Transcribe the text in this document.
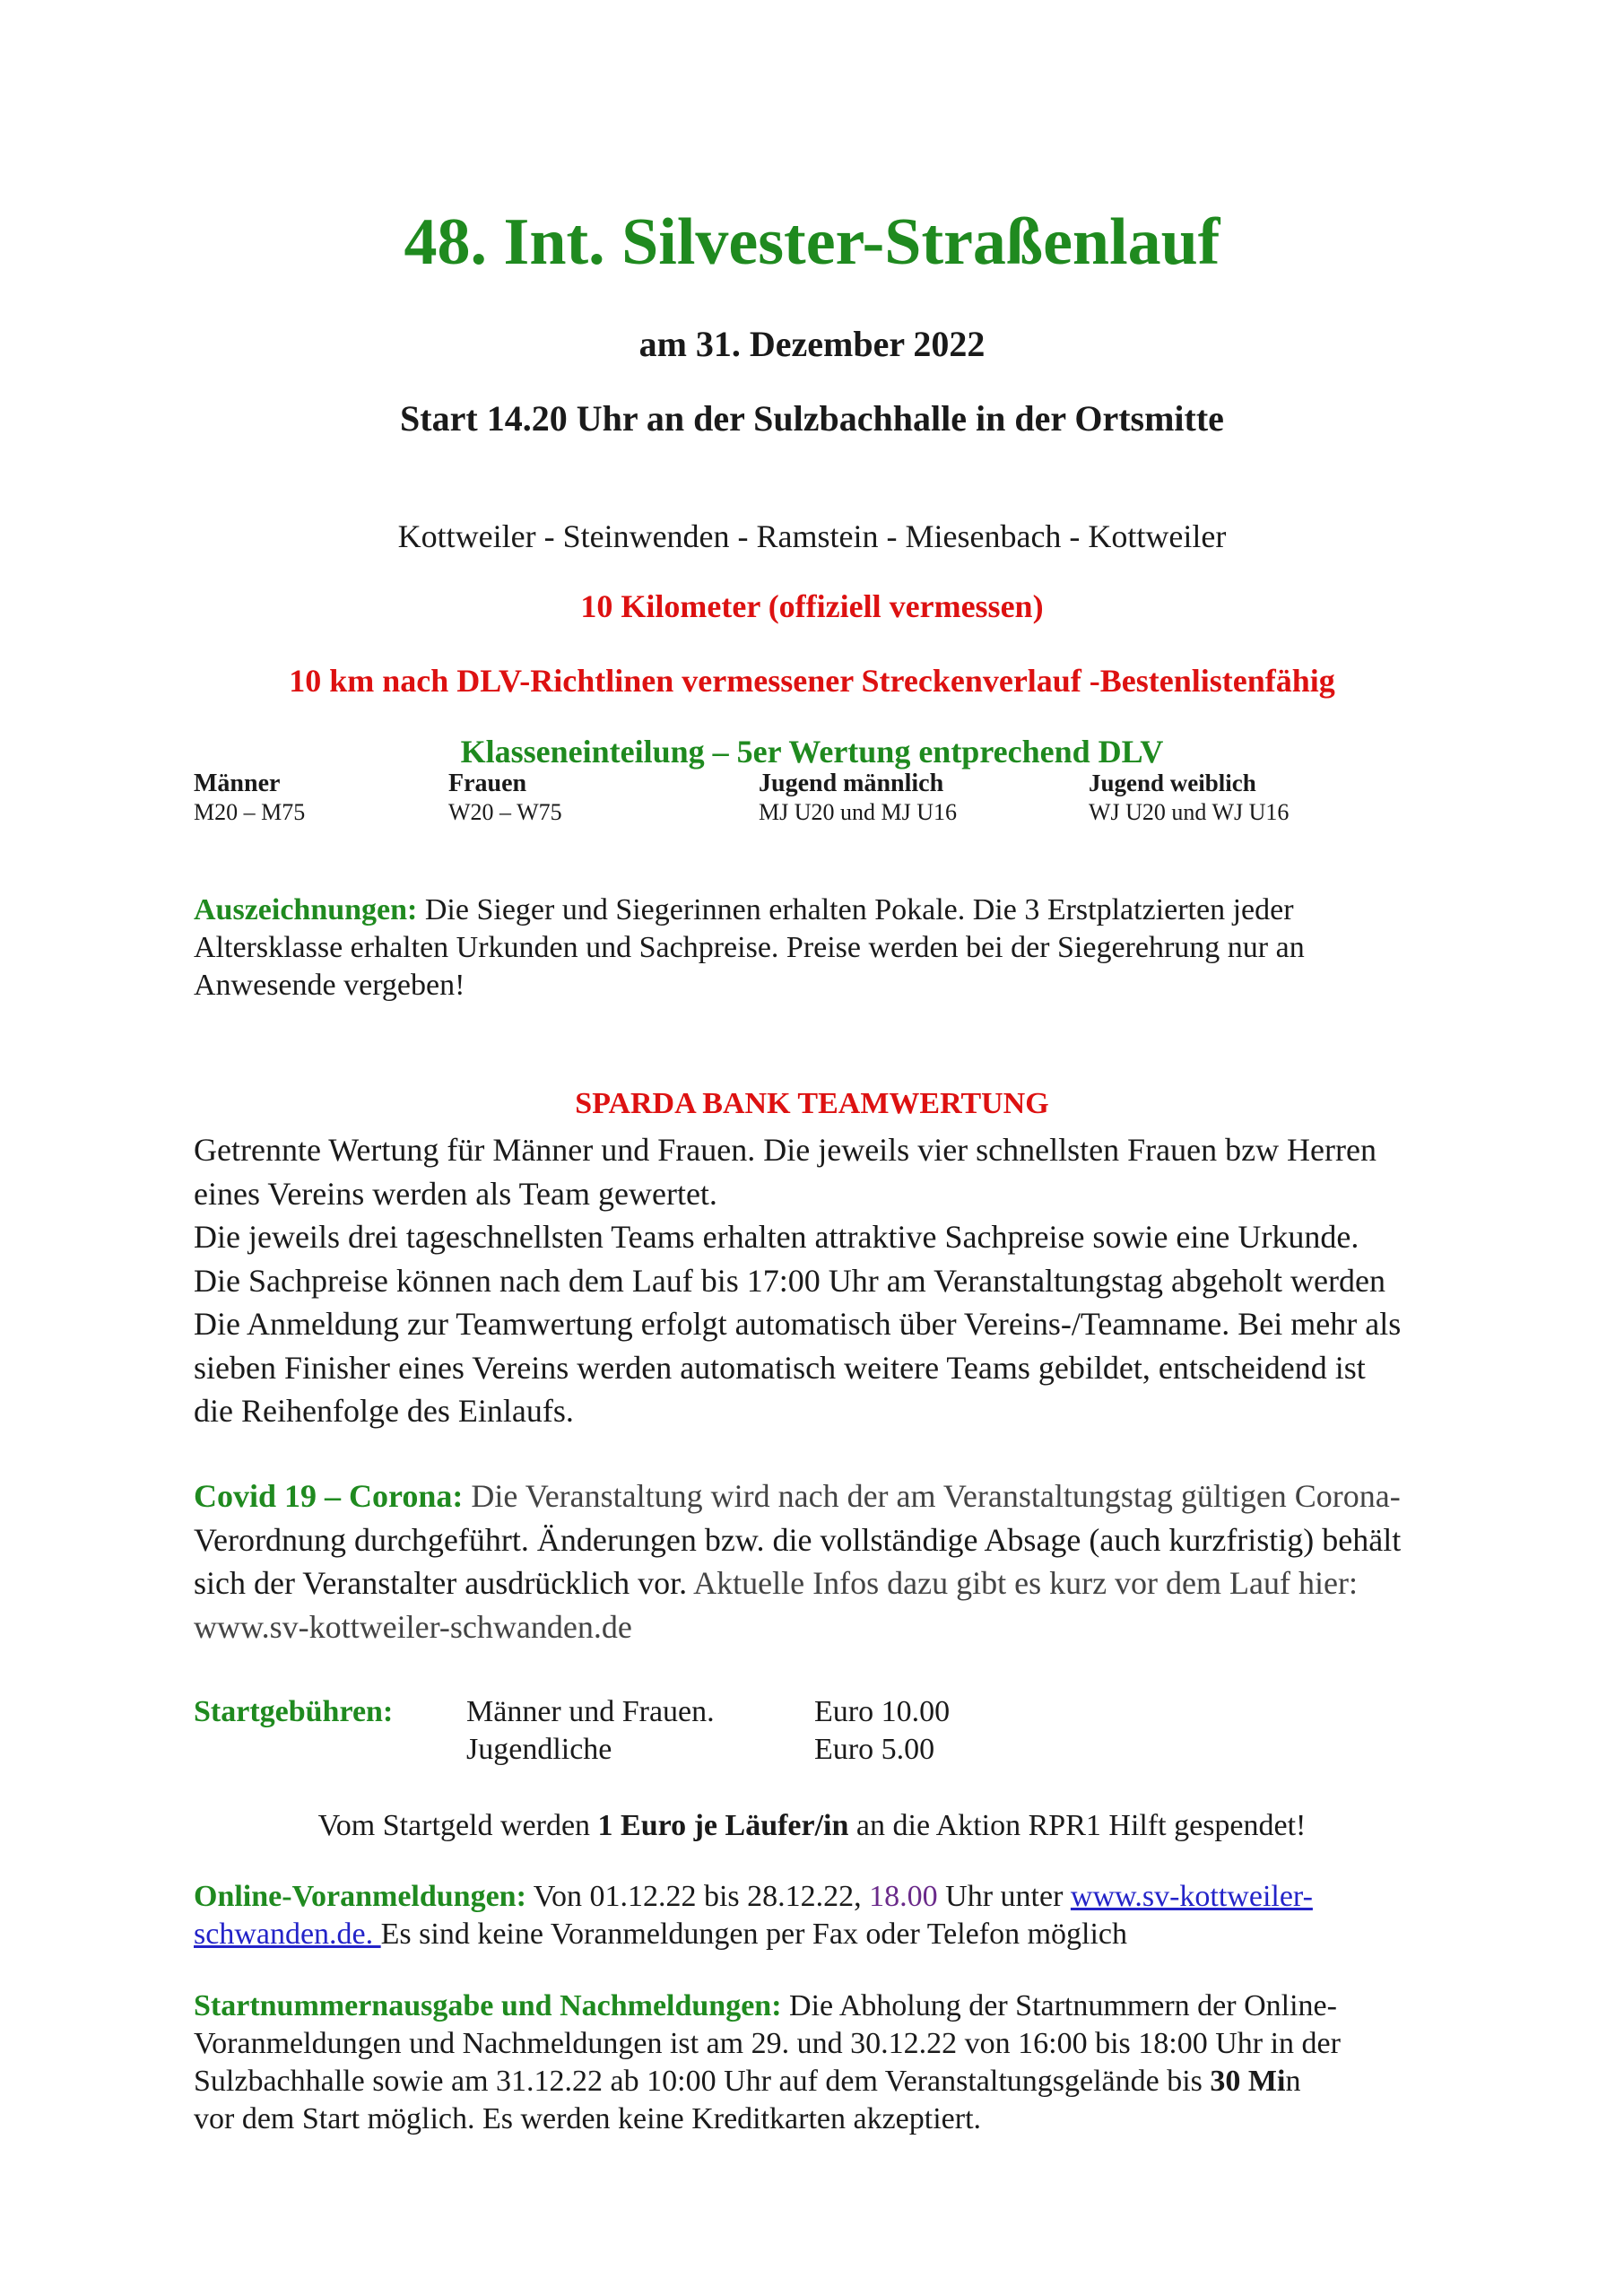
48. Int. Silvester-Straßenlauf
am 31. Dezember 2022
Start 14.20 Uhr an der Sulzbachhalle in der Ortsmitte
Kottweiler - Steinwenden - Ramstein - Miesenbach - Kottweiler
10 Kilometer (offiziell vermessen)
10 km nach DLV-Richtlinen vermessener Streckenverlauf -Bestenlistenfähig
Klasseneinteilung – 5er Wertung entprechend DLV
Männer	Frauen	Jugend männlich	Jugend weiblich
M20 – M75	W20 – W75	MJ U20 und MJ U16	WJ U20 und WJ U16
Auszeichnungen: Die Sieger und Siegerinnen erhalten Pokale. Die 3 Erstplatzierten jeder
Altersklasse erhalten Urkunden und Sachpreise. Preise werden bei der Siegerehrung nur an
Anwesende vergeben!
SPARDA BANK TEAMWERTUNG
Getrennte Wertung für Männer und Frauen. Die jeweils vier schnellsten Frauen bzw Herren
eines Vereins werden als Team gewertet.
Die jeweils drei tageschnellsten Teams erhalten attraktive Sachpreise sowie eine Urkunde.
Die Sachpreise können nach dem Lauf bis 17:00 Uhr am Veranstaltungstag abgeholt werden
Die Anmeldung zur Teamwertung erfolgt automatisch über Vereins-/Teamname. Bei mehr als
sieben Finisher eines Vereins werden automatisch weitere Teams gebildet, entscheidend ist
die Reihenfolge des Einlaufs.
Covid 19 – Corona: Die Veranstaltung wird nach der am Veranstaltungstag gültigen Corona-
Verordnung durchgeführt. Änderungen bzw. die vollständige Absage (auch kurzfristig) behält
sich der Veranstalter ausdrücklich vor. Aktuelle Infos dazu gibt es kurz vor dem Lauf hier:
www.sv-kottweiler-schwanden.de
Startgebühren: Männer und Frauen.	Euro 10.00
Jugendliche	Euro 5.00
Vom Startgeld werden 1 Euro je Läufer/in an die Aktion RPR1 Hilft gespendet!
Online-Voranmeldungen: Von 01.12.22 bis 28.12.22, 18.00 Uhr unter www.sv-kottweiler-
schwanden.de. Es sind keine Voranmeldungen per Fax oder Telefon möglich
Startnummernausgabe und Nachmeldungen: Die Abholung der Startnummern der Online-
Voranmeldungen und Nachmeldungen ist am 29. und 30.12.22 von 16:00 bis 18:00 Uhr in der
Sulzbachhalle sowie am 31.12.22 ab 10:00 Uhr auf dem Veranstaltungsgelände bis 30 Min
vor dem Start möglich. Es werden keine Kreditkarten akzeptiert.
